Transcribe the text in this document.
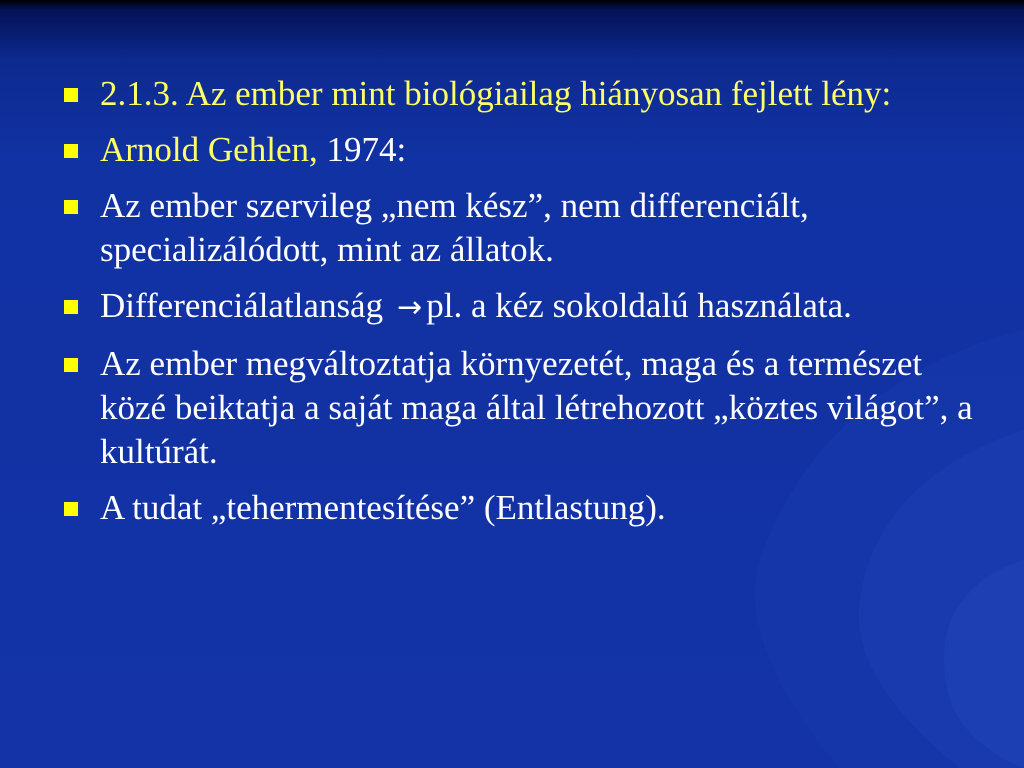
2.1.3. Az ember mint biológiailag hiányosan fejlett lény:
Arnold Gehlen, 1974:
Az ember szervileg „nem kész”, nem differenciált, specializálódott, mint az állatok.
Differenciálatlanság → pl. a kéz sokoldalú használata.
Az ember megváltoztatja környezetét, maga és a természet közé beiktatja a saját maga által létrehozott „köztes világot”, a kultúrát.
A tudat „tehermentesítése” (Entlastung).
